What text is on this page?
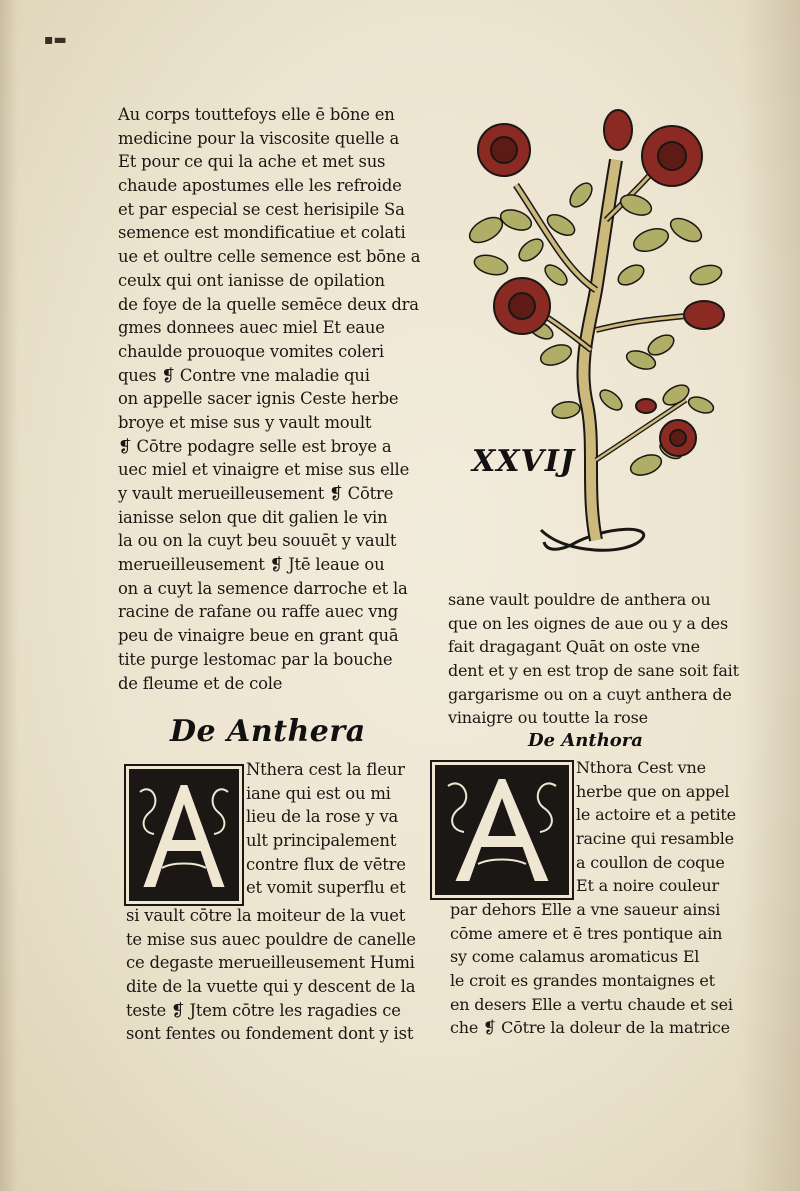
▪▬
Au corps touttefoys elle ē bōne en
medicine pour la viscosite quelle a
Et pour ce qui la ache et met sus
chaude apostumes elle les refroide
et par especial se cest herisipile Sa
semence est mondificatiue et colati
ue et oultre celle semence est bōne a
ceulx qui ont ianisse de opilation
de foye de la quelle semēce deux dra
gmes donnees auec miel Et eaue
chaulde prouoque vomites coleri
ques ❡ Contre vne maladie qui
on appelle sacer ignis Ceste herbe
broye et mise sus y vault moult
❡ Cōtre podagre selle est broye a
uec miel et vinaigre et mise sus elle
y vault merueilleusement ❡ Cōtre
ianisse selon que dit galien le vin
la ou on la cuyt beu souuēt y vault
merueilleusement ❡ Jtē leaue ou
on a cuyt la semence darroche et la
racine de rafane ou raffe auec vng
peu de vinaigre beue en grant quā
tite purge lestomac par la bouche
de fleume et de cole
XXVIJ
sane vault pouldre de anthera ou
que on les oignes de aue ou y a des
fait dragagant Quāt on oste vne
dent et y en est trop de sane soit fait
gargarisme ou on a cuyt anthera de
vinaigre ou toutte la rose
De Anthera	De Anthora
Nthera cest la fleur
iane qui est ou mi
lieu de la rose y va
ult principalement
contre flux de vētre
et vomit superflu et
si vault cōtre la moiteur de la vuet
te mise sus auec pouldre de canelle
ce degaste merueilleusement Humi
dite de la vuette qui y descent de la
teste ❡ Jtem cōtre les ragadies ce
sont fentes ou fondement dont y ist
Nthora Cest vne
herbe que on appel
le actoire et a petite
racine qui resamble
a coullon de coque
Et a noire couleur
par dehors Elle a vne saueur ainsi
cōme amere et ē tres pontique ain
sy come calamus aromaticus El
le croit es grandes montaignes et
en desers Elle a vertu chaude et sei
che ❡ Cōtre la doleur de la matrice
